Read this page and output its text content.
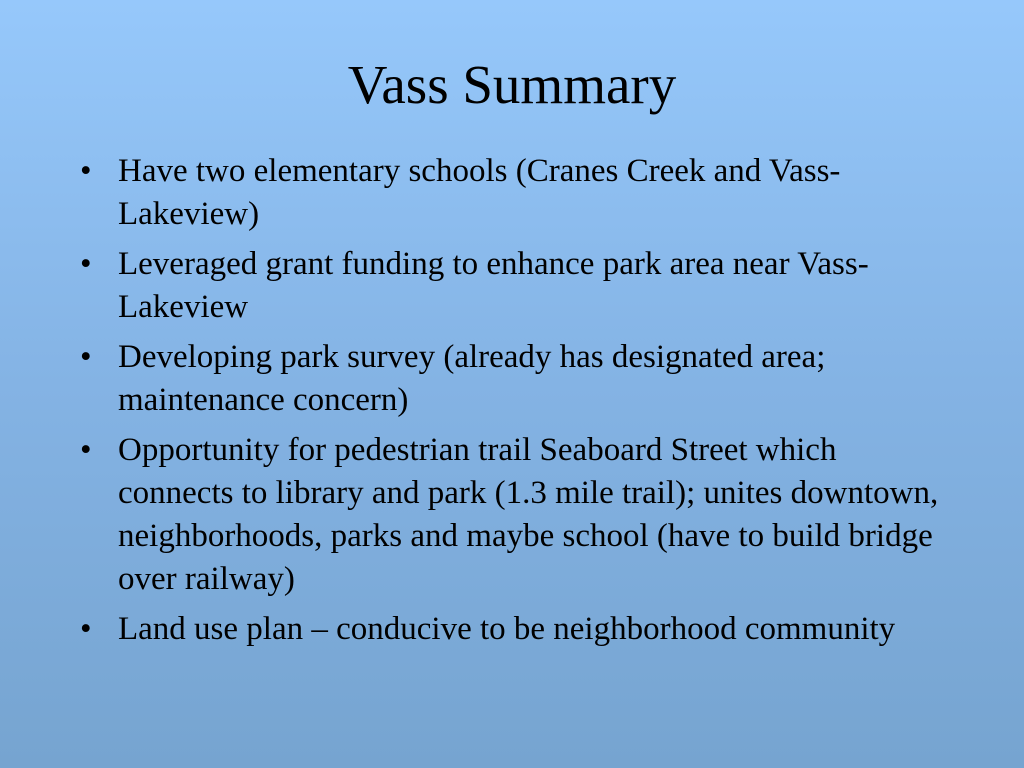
Vass Summary
• Have two elementary schools (Cranes Creek and Vass-Lakeview)
• Leveraged grant funding to enhance park area near Vass-Lakeview
• Developing park survey (already has designated area; maintenance concern)
• Opportunity for pedestrian trail Seaboard Street which connects to library and park (1.3 mile trail); unites downtown, neighborhoods, parks and maybe school (have to build bridge over railway)
• Land use plan – conducive to be neighborhood community
